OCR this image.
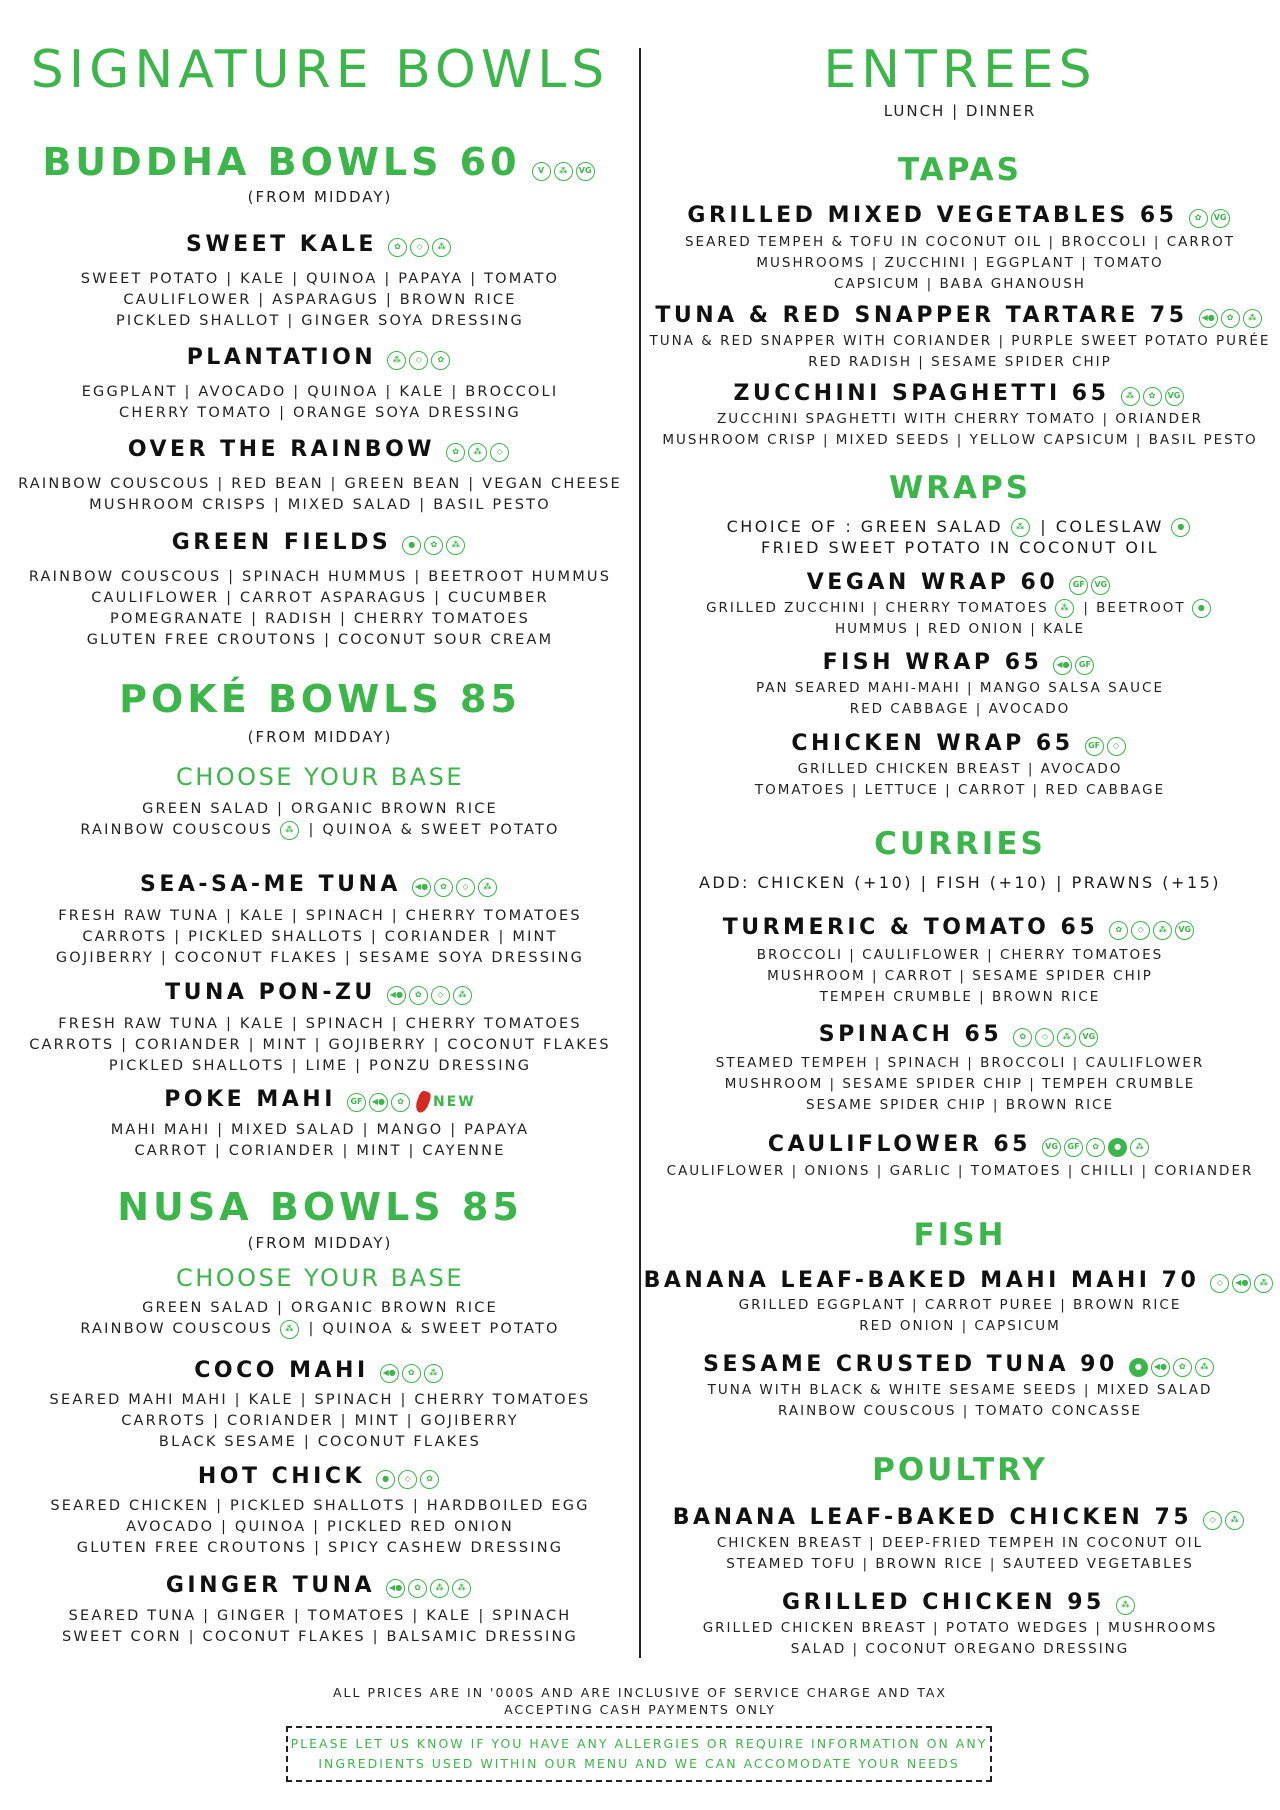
SIGNATURE BOWLS
BUDDHA BOWLS 60 V ⁂ VG
(FROM MIDDAY)
SWEET KALE ✿ ◇ ⁂
SWEET POTATO | KALE | QUINOA | PAPAYA | TOMATO
CAULIFLOWER | ASPARAGUS | BROWN RICE
PICKLED SHALLOT | GINGER SOYA DRESSING
PLANTATION ⁂ ◇ ✿
EGGPLANT | AVOCADO | QUINOA | KALE | BROCCOLI
CHERRY TOMATO | ORANGE SOYA DRESSING
OVER THE RAINBOW ✿ ⁂ ◇
RAINBOW COUSCOUS | RED BEAN | GREEN BEAN | VEGAN CHEESE
MUSHROOM CRISPS | MIXED SALAD | BASIL PESTO
GREEN FIELDS ● ✿ ⁂
RAINBOW COUSCOUS | SPINACH HUMMUS | BEETROOT HUMMUS
CAULIFLOWER | CARROT ASPARAGUS | CUCUMBER
POMEGRANATE | RADISH | CHERRY TOMATOES
GLUTEN FREE CROUTONS | COCONUT SOUR CREAM
POKÉ BOWLS 85
(FROM MIDDAY)
CHOOSE YOUR BASE
GREEN SALAD | ORGANIC BROWN RICE
RAINBOW COUSCOUS ⁂ | QUINOA & SWEET POTATO
SEA-SA-ME TUNA ◀● ✿ ◇ ⁂
FRESH RAW TUNA | KALE | SPINACH | CHERRY TOMATOES
CARROTS | PICKLED SHALLOTS | CORIANDER | MINT
GOJIBERRY | COCONUT FLAKES | SESAME SOYA DRESSING
TUNA PON-ZU ◀● ✿ ◇ ⁂
FRESH RAW TUNA | KALE | SPINACH | CHERRY TOMATOES
CARROTS | CORIANDER | MINT | GOJIBERRY | COCONUT FLAKES
PICKLED SHALLOTS | LIME | PONZU DRESSING
POKE MAHI GF ◀● ✿ NEW
MAHI MAHI | MIXED SALAD | MANGO | PAPAYA
CARROT | CORIANDER | MINT | CAYENNE
NUSA BOWLS 85
(FROM MIDDAY)
CHOOSE YOUR BASE
GREEN SALAD | ORGANIC BROWN RICE
RAINBOW COUSCOUS ⁂ | QUINOA & SWEET POTATO
COCO MAHI ◀● ✿ ⁂
SEARED MAHI MAHI | KALE | SPINACH | CHERRY TOMATOES
CARROTS | CORIANDER | MINT | GOJIBERRY
BLACK SESAME | COCONUT FLAKES
HOT CHICK ● ◇ ✿
SEARED CHICKEN | PICKLED SHALLOTS | HARDBOILED EGG
AVOCADO | QUINOA | PICKLED RED ONION
GLUTEN FREE CROUTONS | SPICY CASHEW DRESSING
GINGER TUNA ◀● ✿ ⁂ ⁂
SEARED TUNA | GINGER | TOMATOES | KALE | SPINACH
SWEET CORN | COCONUT FLAKES | BALSAMIC DRESSING
ENTREES
LUNCH | DINNER
TAPAS
GRILLED MIXED VEGETABLES 65 ✿ VG
SEARED TEMPEH & TOFU IN COCONUT OIL | BROCCOLI | CARROT
MUSHROOMS | ZUCCHINI | EGGPLANT | TOMATO
CAPSICUM | BABA GHANOUSH
TUNA & RED SNAPPER TARTARE 75 ◀● ✿ ⁂
TUNA & RED SNAPPER WITH CORIANDER | PURPLE SWEET POTATO PURÉE
RED RADISH | SESAME SPIDER CHIP
ZUCCHINI SPAGHETTI 65 ⁂ ✿ VG
ZUCCHINI SPAGHETTI WITH CHERRY TOMATO | ORIANDER
MUSHROOM CRISP | MIXED SEEDS | YELLOW CAPSICUM | BASIL PESTO
WRAPS
CHOICE OF : GREEN SALAD ⁂ | COLESLAW ●
FRIED SWEET POTATO IN COCONUT OIL
VEGAN WRAP 60 GF VG
GRILLED ZUCCHINI | CHERRY TOMATOES ⁂ | BEETROOT ●
HUMMUS | RED ONION | KALE
FISH WRAP 65 ◀● GF
PAN SEARED MAHI-MAHI | MANGO SALSA SAUCE
RED CABBAGE | AVOCADO
CHICKEN WRAP 65 GF ◇
GRILLED CHICKEN BREAST | AVOCADO
TOMATOES | LETTUCE | CARROT | RED CABBAGE
CURRIES
ADD: CHICKEN (+10) | FISH (+10) | PRAWNS (+15)
TURMERIC & TOMATO 65 ✿ ◇ ⁂ VG
BROCCOLI | CAULIFLOWER | CHERRY TOMATOES
MUSHROOM | CARROT | SESAME SPIDER CHIP
TEMPEH CRUMBLE | BROWN RICE
SPINACH 65 ✿ ◇ ⁂ VG
STEAMED TEMPEH | SPINACH | BROCCOLI | CAULIFLOWER
MUSHROOM | SESAME SPIDER CHIP | TEMPEH CRUMBLE
SESAME SPIDER CHIP | BROWN RICE
CAULIFLOWER 65 VG GF ✿ ● ⁂
CAULIFLOWER | ONIONS | GARLIC | TOMATOES | CHILLI | CORIANDER
FISH
BANANA LEAF-BAKED MAHI MAHI 70 ◇ ◀● ⁂
GRILLED EGGPLANT | CARROT PUREE | BROWN RICE
RED ONION | CAPSICUM
SESAME CRUSTED TUNA 90 ● ◀● ✿ ⁂
TUNA WITH BLACK & WHITE SESAME SEEDS | MIXED SALAD
RAINBOW COUSCOUS | TOMATO CONCASSE
POULTRY
BANANA LEAF-BAKED CHICKEN 75 ◇ ⁂
CHICKEN BREAST | DEEP-FRIED TEMPEH IN COCONUT OIL
STEAMED TOFU | BROWN RICE | SAUTEED VEGETABLES
GRILLED CHICKEN 95 ⁂
GRILLED CHICKEN BREAST | POTATO WEDGES | MUSHROOMS
SALAD | COCONUT OREGANO DRESSING
ALL PRICES ARE IN '000S AND ARE INCLUSIVE OF SERVICE CHARGE AND TAX
ACCEPTING CASH PAYMENTS ONLY
PLEASE LET US KNOW IF YOU HAVE ANY ALLERGIES OR REQUIRE INFORMATION ON ANY
INGREDIENTS USED WITHIN OUR MENU AND WE CAN ACCOMODATE YOUR NEEDS
